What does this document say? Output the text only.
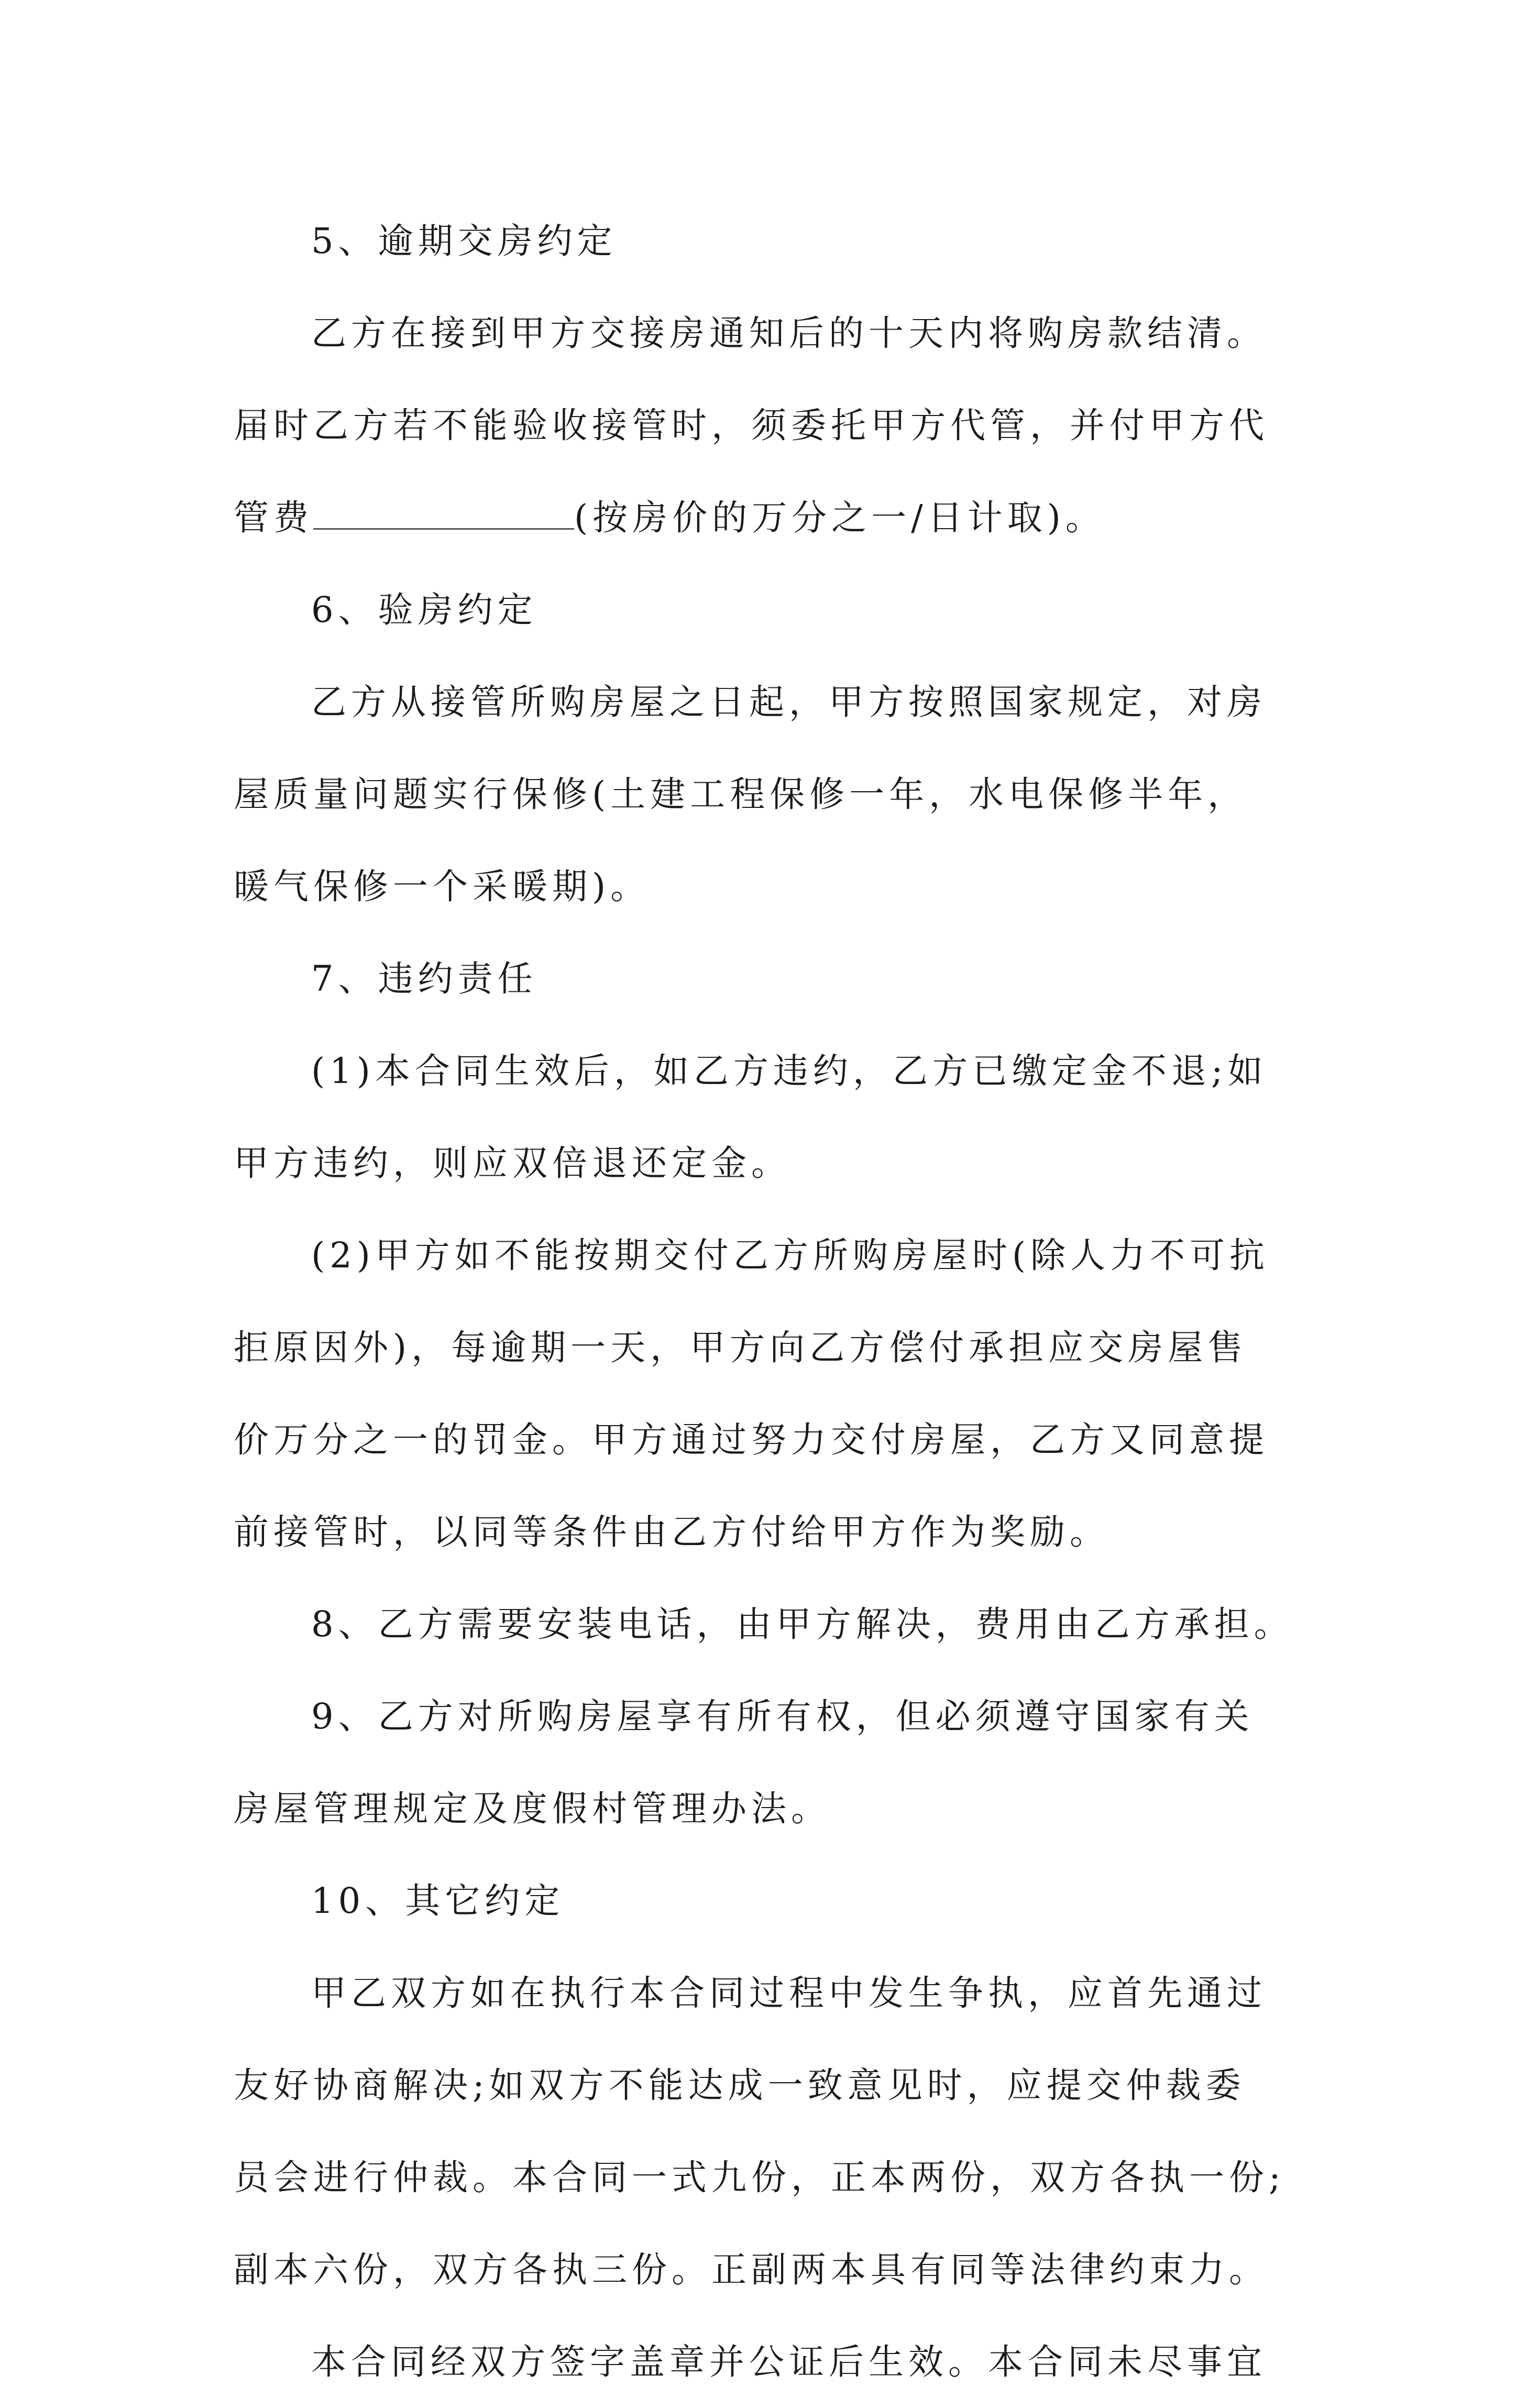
5、逾期交房约定
乙方在接到甲方交接房通知后的十天内将购房款结清。
届时乙方若不能验收接管时，须委托甲方代管，并付甲方代
管费	(按房价的万分之一/日计取)。
6、验房约定
乙方从接管所购房屋之日起，甲方按照国家规定，对房
屋质量问题实行保修(土建工程保修一年，水电保修半年，
暖气保修一个采暖期)。
7、违约责任
(1)本合同生效后，如乙方违约，乙方已缴定金不退;如
甲方违约，则应双倍退还定金。
(2)甲方如不能按期交付乙方所购房屋时(除人力不可抗
拒原因外)，每逾期一天，甲方向乙方偿付承担应交房屋售
价万分之一的罚金。甲方通过努力交付房屋，乙方又同意提
前接管时，以同等条件由乙方付给甲方作为奖励。
8、乙方需要安装电话，由甲方解决，费用由乙方承担。
9、乙方对所购房屋享有所有权，但必须遵守国家有关
房屋管理规定及度假村管理办法。
10、其它约定
甲乙双方如在执行本合同过程中发生争执，应首先通过
友好协商解决;如双方不能达成一致意见时，应提交仲裁委
员会进行仲裁。本合同一式九份，正本两份，双方各执一份;
副本六份，双方各执三份。正副两本具有同等法律约束力。
本合同经双方签字盖章并公证后生效。本合同未尽事宜
